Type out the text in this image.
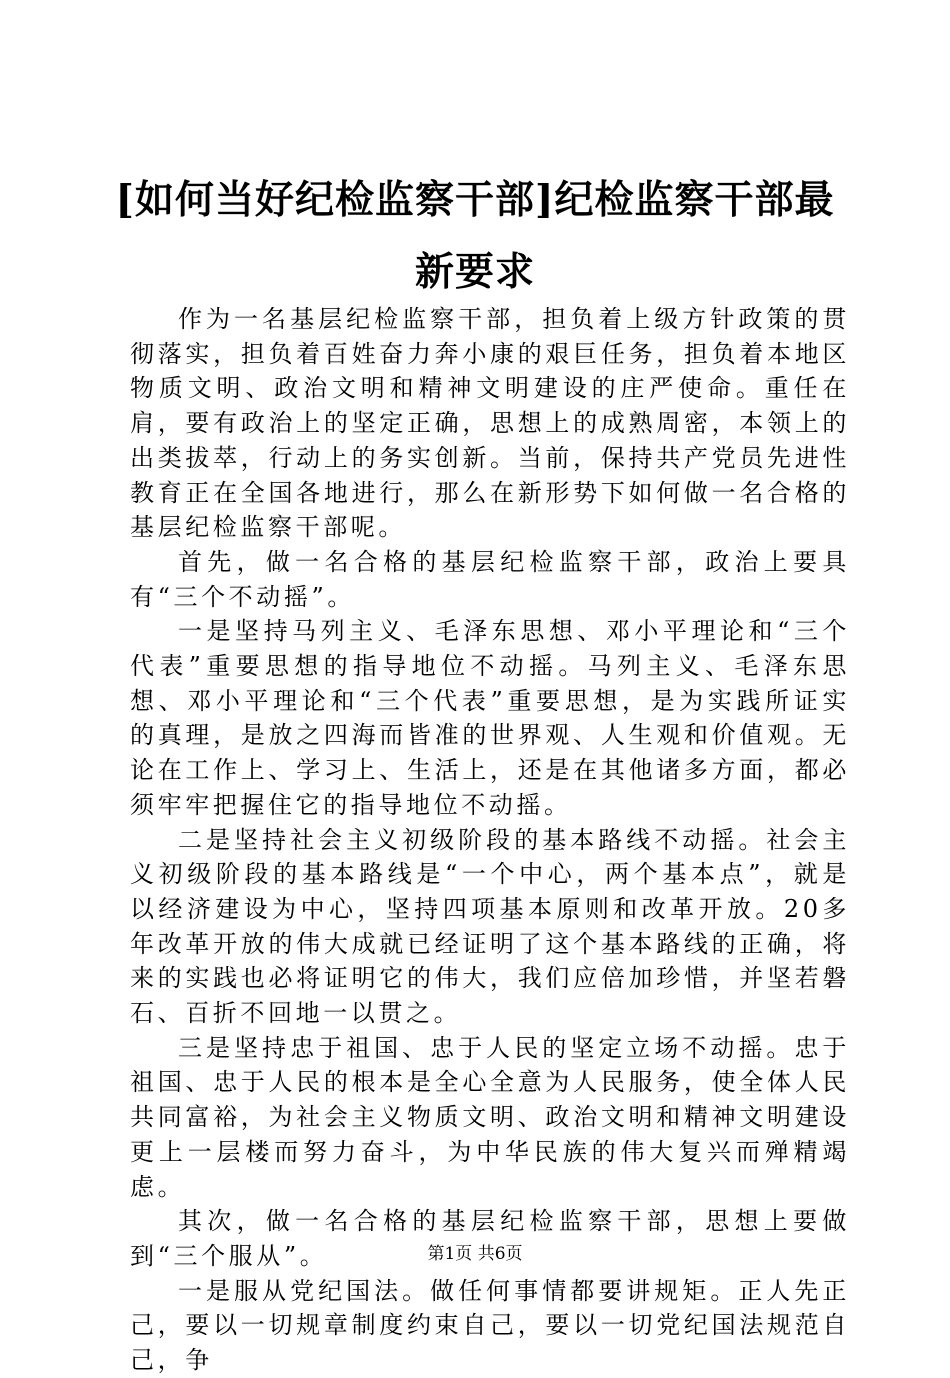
[如何当好纪检监察干部]纪检监察干部最新要求

作为一名基层纪检监察干部，担负着上级方针政策的贯彻落实，担负着百姓奋力奔小康的艰巨任务，担负着本地区物质文明、政治文明和精神文明建设的庄严使命。重任在肩，要有政治上的坚定正确，思想上的成熟周密，本领上的出类拔萃，行动上的务实创新。当前，保持共产党员先进性教育正在全国各地进行，那么在新形势下如何做一名合格的基层纪检监察干部呢。

首先，做一名合格的基层纪检监察干部，政治上要具有“三个不动摇”。

一是坚持马列主义、毛泽东思想、邓小平理论和“三个代表”重要思想的指导地位不动摇。马列主义、毛泽东思想、邓小平理论和“三个代表”重要思想，是为实践所证实的真理，是放之四海而皆准的世界观、人生观和价值观。无论在工作上、学习上、生活上，还是在其他诸多方面，都必须牢牢把握住它的指导地位不动摇。

二是坚持社会主义初级阶段的基本路线不动摇。社会主义初级阶段的基本路线是“一个中心，两个基本点”，就是以经济建设为中心，坚持四项基本原则和改革开放。20多年改革开放的伟大成就已经证明了这个基本路线的正确，将来的实践也必将证明它的伟大，我们应倍加珍惜，并坚若磐石、百折不回地一以贯之。

三是坚持忠于祖国、忠于人民的坚定立场不动摇。忠于祖国、忠于人民的根本是全心全意为人民服务，使全体人民共同富裕，为社会主义物质文明、政治文明和精神文明建设更上一层楼而努力奋斗，为中华民族的伟大复兴而殚精竭虑。

其次，做一名合格的基层纪检监察干部，思想上要做到“三个服从”。

一是服从党纪国法。做任何事情都要讲规矩。正人先正己，要以一切规章制度约束自己，要以一切党纪国法规范自己，争

第1页 共6页
